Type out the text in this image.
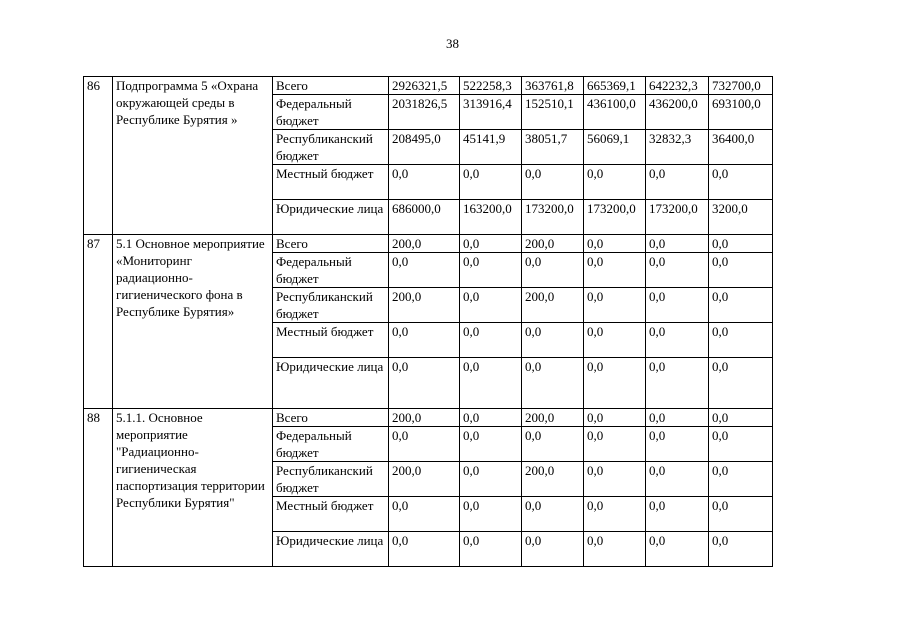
38
86	Подпрограмма 5 «Охрана окружающей среды в Республике Бурятия »	Всего	2926321,5	522258,3	363761,8	665369,1	642232,3	732700,0
		Федеральный бюджет	2031826,5	313916,4	152510,1	436100,0	436200,0	693100,0
		Республиканский бюджет	208495,0	45141,9	38051,7	56069,1	32832,3	36400,0
		Местный бюджет	0,0	0,0	0,0	0,0	0,0	0,0
		Юридические лица	686000,0	163200,0	173200,0	173200,0	173200,0	3200,0
87	5.1 Основное мероприятие «Мониторинг радиационно-гигиенического фона в Республике Бурятия»	Всего	200,0	0,0	200,0	0,0	0,0	0,0
		Федеральный бюджет	0,0	0,0	0,0	0,0	0,0	0,0
		Республиканский бюджет	200,0	0,0	200,0	0,0	0,0	0,0
		Местный бюджет	0,0	0,0	0,0	0,0	0,0	0,0
		Юридические лица	0,0	0,0	0,0	0,0	0,0	0,0
88	5.1.1. Основное мероприятие "Радиационно-гигиеническая паспортизация территории Республики Бурятия"	Всего	200,0	0,0	200,0	0,0	0,0	0,0
		Федеральный бюджет	0,0	0,0	0,0	0,0	0,0	0,0
		Республиканский бюджет	200,0	0,0	200,0	0,0	0,0	0,0
		Местный бюджет	0,0	0,0	0,0	0,0	0,0	0,0
		Юридические лица	0,0	0,0	0,0	0,0	0,0	0,0
